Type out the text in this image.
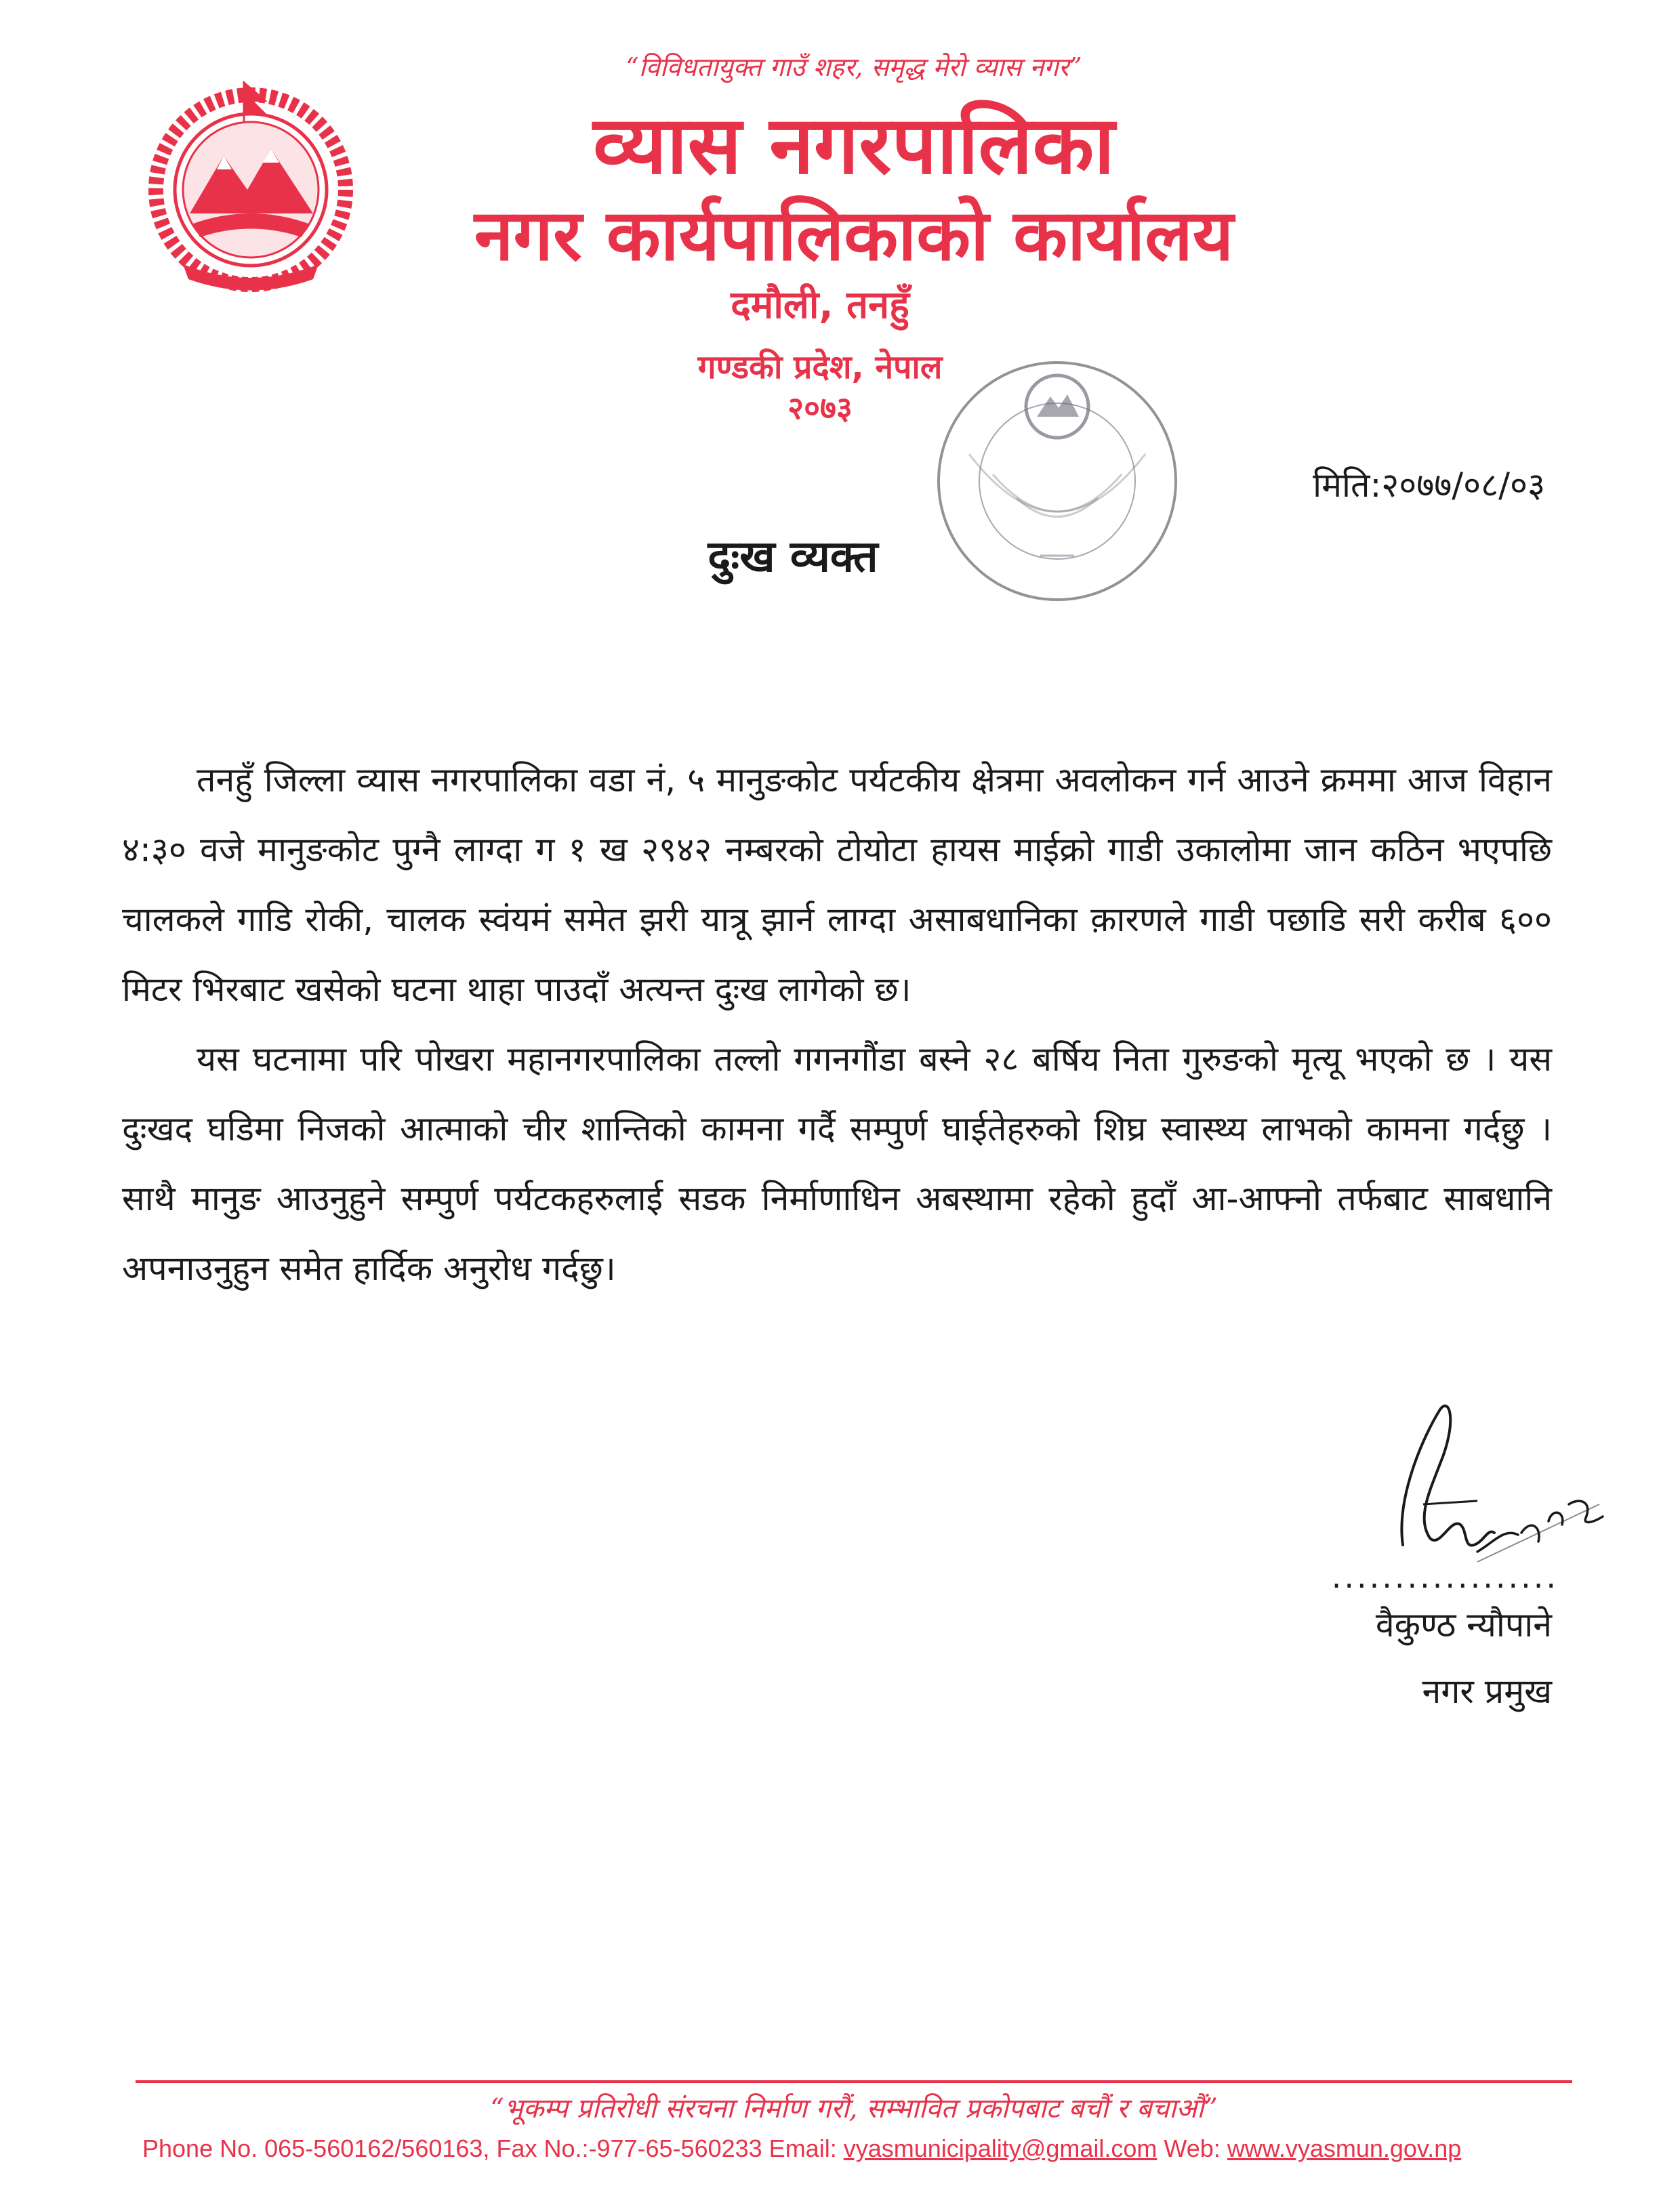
“विविधतायुक्त गाउँ शहर, समृद्ध मेरो व्यास नगर”
व्यास नगरपालिका
नगर कार्यपालिकाको कार्यालय
दमौली, तनहुँ
गण्डकी प्रदेश, नेपाल
२०७३
मिति:२०७७/०८/०३
दुःख व्यक्त

तनहुँ जिल्ला व्यास नगरपालिका वडा नं, ५ मानुङकोट पर्यटकीय क्षेत्रमा अवलोकन गर्न आउने क्रममा आज विहान ४:३० वजे मानुङकोट पुग्नै लाग्दा ग १ ख २९४२ नम्बरको टोयोटा हायस माईक्रो गाडी उकालोमा जान कठिन भएपछि चालकले गाडि रोकी, चालक स्वंयमं समेत झरी यात्रू झार्न लाग्दा असाबधानिका क़ारणले गाडी पछाडि सरी करीब ६०० मिटर भिरबाट खसेको घटना थाहा पाउदाँ अत्यन्त दुःख लागेको छ।

यस घटनामा परि पोखरा महानगरपालिका तल्लो गगनगौंडा बस्ने २८ बर्षिय निता गुरुङको मृत्यू भएको छ । यस दुःखद घडिमा निजको आत्माको चीर शान्तिको कामना गर्दै सम्पुर्ण घाईतेहरुको शिघ्र स्वास्थ्य लाभको कामना गर्दछु । साथै मानुङ आउनुहुने सम्पुर्ण पर्यटकहरुलाई सडक निर्माणाधिन अबस्थामा रहेको हुदाँ आ-आफ्नो तर्फबाट साबधानि अपनाउनुहुन समेत हार्दिक अनुरोध गर्दछु।

..................
वैकुण्ठ न्यौपाने
नगर प्रमुख
“भूकम्प प्रतिरोधी संरचना निर्माण गरौं, सम्भावित प्रकोपबाट बचौं र बचाऔं”
Phone No. 065-560162/560163, Fax No.:-977-65-560233 Email: vyasmunicipality@gmail.com Web: www.vyasmun.gov.np
